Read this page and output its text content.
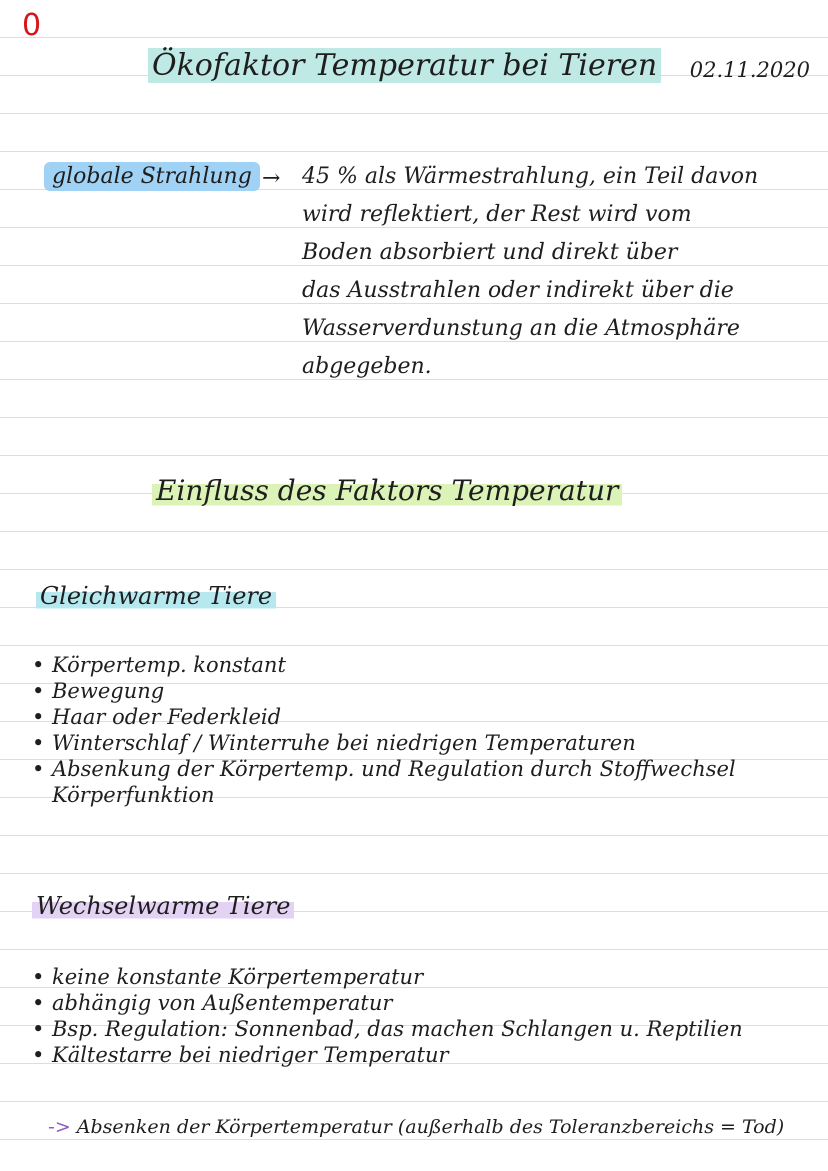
0
Ökofaktor Temperatur bei Tieren 02.11.2020
globale Strahlung → 45 % als Wärmestrahlung, ein Teil davon

wird reflektiert, der Rest wird vom

Boden absorbiert und direkt über

das Ausstrahlen oder indirekt über die

Wasserverdunstung an die Atmosphäre

abgegeben.

Einfluss des Faktors Temperatur
Gleichwarme Tiere
• Körpertemp. konstant
• Bewegung
• Haar oder Federkleid
• Winterschlaf / Winterruhe bei niedrigen Temperaturen
• Absenkung der Körpertemp. und Regulation durch Stoffwechsel Körperfunktion
Wechselwarme Tiere
• keine konstante Körpertemperatur
• abhängig von Außentemperatur
• Bsp. Regulation: Sonnenbad, das machen Schlangen u. Reptilien
• Kältestarre bei niedriger Temperatur
-> Absenken der Körpertemperatur (außerhalb des Toleranzbereichs = Tod)
